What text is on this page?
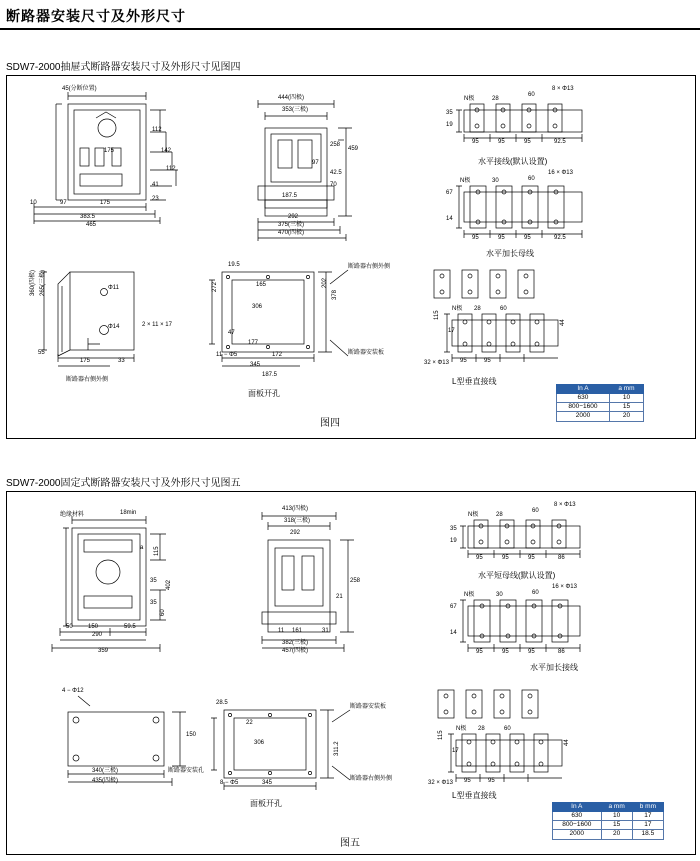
断路器安装尺寸及外形尺寸
SDW7-2000抽屉式断路器安装尺寸及外形尺寸见图四
45(分断位置)
142
112
112
41
23
10	97	175
383.5
465
175
444(四极)
353(三极)
459
258
97
42.5
70
187.5
292
375(三极)
470(四极)
Φ11
360(四极) 265(三极)
Φ14	2 × 11 × 17
55
175	33
断路器右侧外侧
19.5
165	202
272
378
306
47
177
11 − Φ5	172
345
187.5
断路器安装板
断路器右侧外侧
N极	28
60
8 × Φ13
35
19
95	95	95	92.5
水平接线(默认设置)
N极	30	60
16 × Φ13
67
14
95	95	95	92.5
水平加长母线
115
N极
17
28	60
95	95
32 × Φ13
44
L型垂直接线
面板开孔
图四
In A	a mm
630	10
800−1600	15
2000	20
SDW7-2000固定式断路器安装尺寸及外形尺寸见图五
绝缘材料	18min
a 115
402
35
35
50	150	59.5
60
290
359
413(四极)
318(三极)
292
258
21
11 161	31
382(三极)
457(四极)
4 − Φ12
150
340(三极)
435(四极)
断路器安装孔
28.5
22
306	311.2
8 − Φ5	345
断路器安装板
断路器右侧外侧
N极	28
60
8 × Φ13
35
19
95	95	95	86
水平短母线(默认设置)
N极	30	60
16 × Φ13
67
14
95	95	95	86
水平加长接线
115
N极
17
28	60
95	95
32 × Φ13
44
L型垂直接线
面板开孔
图五
In A	a mm	b mm
630	10	17
800−1600	15	17
2000	20	18.5
